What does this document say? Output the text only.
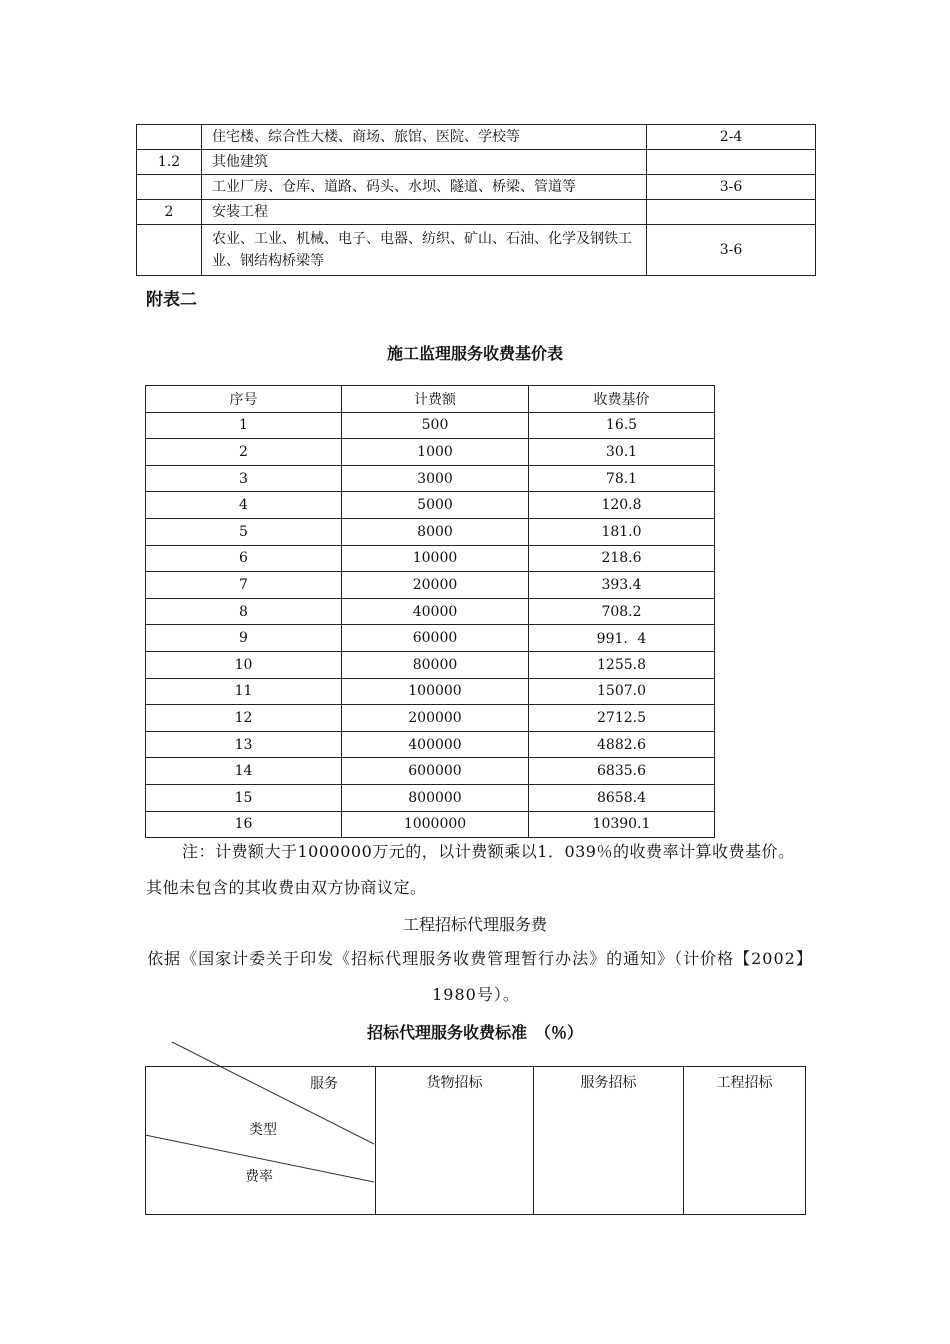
	住宅楼、综合性大楼、商场、旅馆、医院、学校等	2-4
1.2	其他建筑	
	工业厂房、仓库、道路、码头、水坝、隧道、桥梁、管道等	3-6
2	安装工程	
	农业、工业、机械、电子、电器、纺织、矿山、石油、化学及钢铁工业、钢结构桥梁等	3-6
附表二
施工监理服务收费基价表
序号	计费额	收费基价
1	500	16.5
2	1000	30.1
3	3000	78.1
4	5000	120.8
5	8000	181.0
6	10000	218.6
7	20000	393.4
8	40000	708.2
9	60000	991．4
10	80000	1255.8
11	100000	1507.0
12	200000	2712.5
13	400000	4882.6
14	600000	6835.6
15	800000	8658.4
16	1000000	10390.1
注：计费额大于1000000万元的，以计费额乘以1．039％的收费率计算收费基价。其他未包含的其收费由双方协商议定。
工程招标代理服务费
依据《国家计委关于印发《招标代理服务收费管理暂行办法》的通知》（计价格【2002】1980号）。
招标代理服务收费标准　（％）
服务
类型
费率
	货物招标	服务招标	工程招标
